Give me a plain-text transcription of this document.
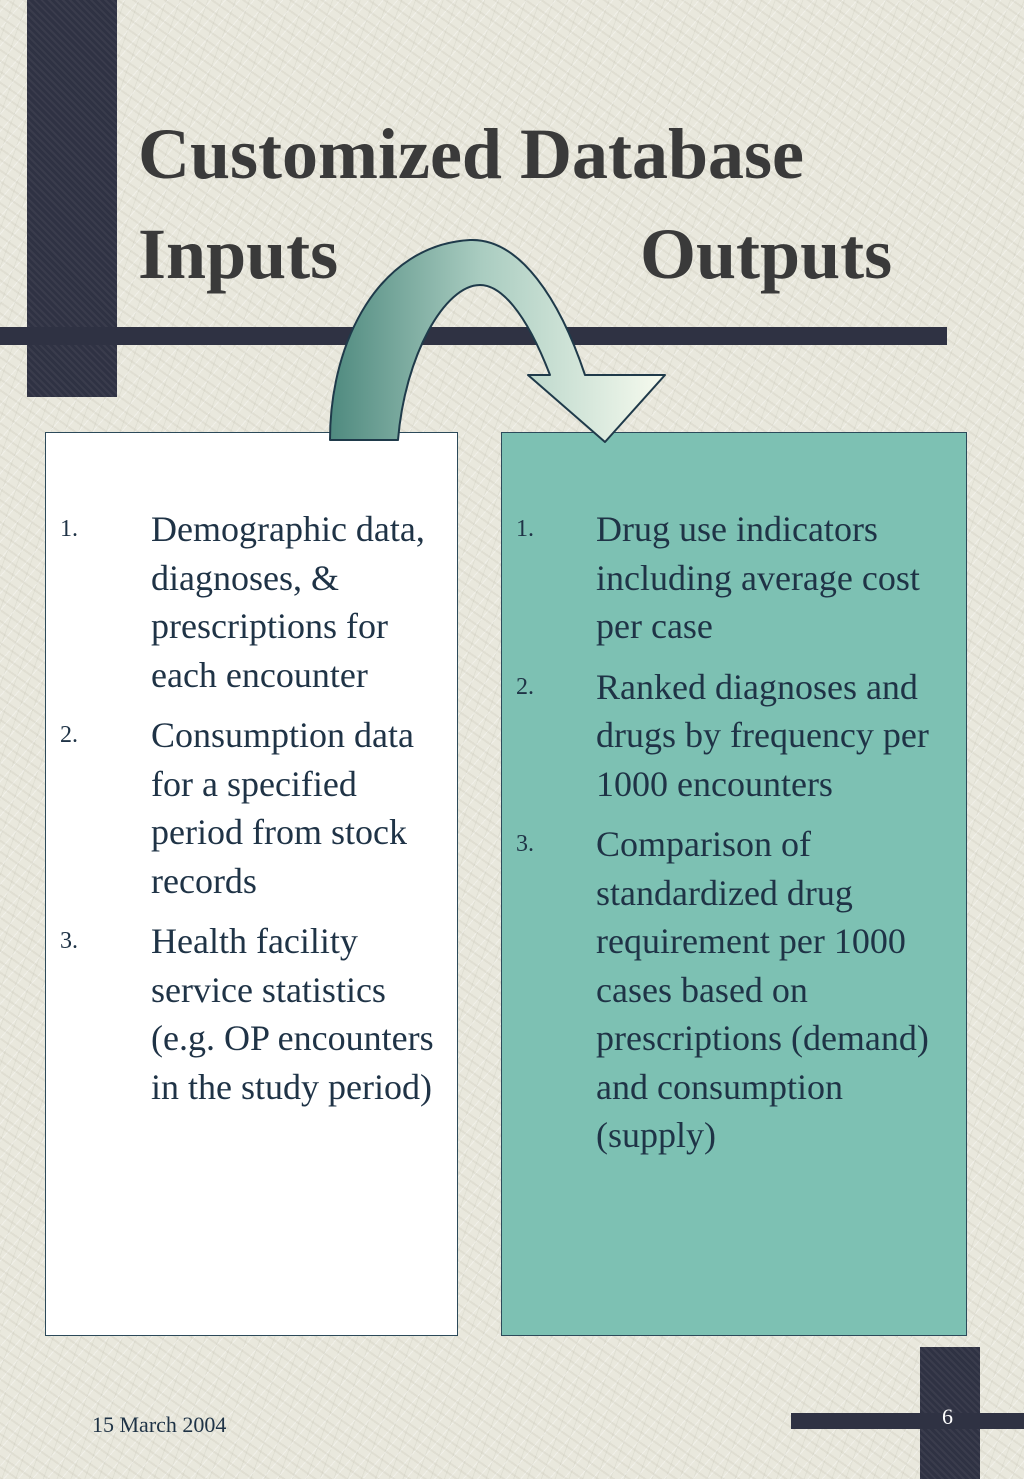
Customized Database
Inputs	Outputs
1. Demographic data, diagnoses, & prescriptions for each encounter
2. Consumption data for a specified period from stock records
3. Health facility service statistics (e.g. OP encounters in the study period)
1. Drug use indicators including average cost per case
2. Ranked diagnoses and drugs by frequency per 1000 encounters
3. Comparison of standardized drug requirement per 1000 cases based on prescriptions (demand) and consumption (supply)
15 March 2004	6
